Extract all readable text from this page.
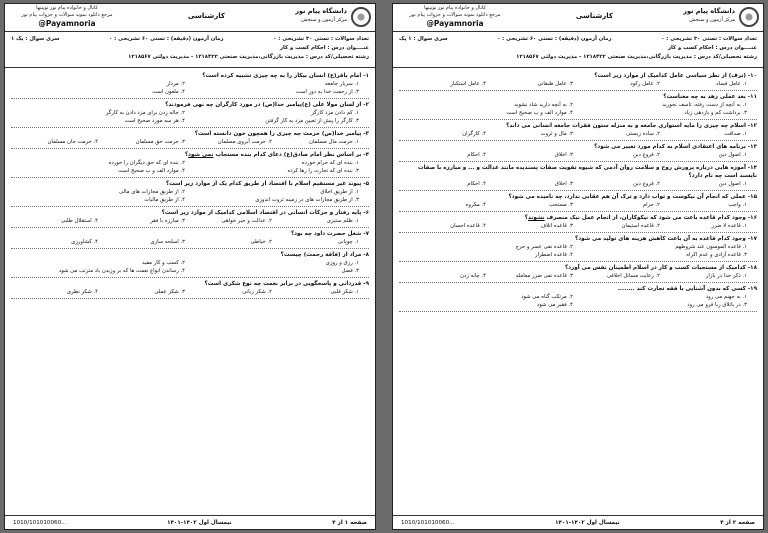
دانشگاه پیام نور
مرکز آزمون و سنجش
کارشناسی
کانال و خانواده پیام نور توییتها
مرجع دانلود نمونه سوالات و جزوات پیام نور
@Payamnoria
تعداد سوالات : تستی ۳۰ تشریحی : ۰
زمان آزمون (دقیقه) : تستی ۶۰ تشریحی : ۰
سری سوال : یک ۱
عنــــوان درس : احکام کسب و کار
رشته تحصیلی/کد درس : مدیریت بازرگانی،مدیریت صنعتی ۱۲۱۸۴۲۲ - مدیریت دولتی ۱۲۱۸۵۶۷
۱- امام باقر(ع) انسان بیکار را به چه چیزی تشبیه کرده است؟
۱. سربار جامعه
۲. مردار
۳. از رحمت خدا به دور است
۴. ملعون است
۲- از لسان مولا علی (ع)پیامبر خدا(ص) در مورد کارگران چه نهی فرمودند؟
۱. کم دادن مزد کارگر
۲. جاله زدن برای مزد دادن به کارگر
۳. کارگر را پیش از تعیین مزد به کار گرفتن
۴. هر سه مورد صحیح است
۳- پیامبر خدا(ص) حرمت چه چیزی را همچون خون دانسته است؟
۱. حرمت مال مسلمان
۲. حرمت آبروی مسلمان
۳. حرمت حق مسلمان
۴. حرمت جان مسلمان
۴- بر اساس نظر امام صادق(ع) دعای کدام بنده مستجاب نمی شود؟
۱. بنده ای که حرام خورده
۲. بنده ای که حق دیگران را خورده
۳. بنده ای که تجارت را رها کرده
۴. موارد الف و ب صحیح است
۵- پیوند غیر مستقیم اسلام با اقتصاد از طریق کدام یک از موارد زیر است؟
۱. از طریق اخلاق
۲. از طریق مجازات های مالی
۳. از طریق مجازات های در زمینه ثروت اندوزی
۴. از طریق مالیات
۶- پایه رفتار و حرکات انسانی در اقتصاد اسلامی کدامیک از موارد زیر است؟
۱. ظلم ستیزی
۲. عدالت و خیر خواهی
۳. مبارزه با فقر
۴. استقلال طلبی
۷- شغل حضرت داود چه بود؟
۱. چوپانی
۲. خیاطی
۳. اسلحه سازی
۴. کشاورزی
۸- مراد از (فاقة رحمت) چیست؟
۱. رزق و روزی
۲. کسب و کار مفید
۳. فضل
۴. رساندن انواع نعمت ها که بر وزیدن باد مترتب می شود
۹- قدردانی و پاسخگویی در برابر نعمت چه نوع شکری است؟
۱. شکر قلبی
۲. شکر زبانی
۳. شکر عملی
۴. شکر نظری
صفحه ۱ از ۴
نیمسال اول ۱۴۰۲-۱۴۰۱
1010/101010060...
دانشگاه پیام نور
مرکز آزمون و سنجش
کارشناسی
کانال و خانواده پیام نور توییتها
مرجع دانلود نمونه سوالات و جزوات پیام نور
@Payamnoria
تعداد سوالات : تستی ۳۰ تشریحی : ۰
زمان آزمون (دقیقه) : تستی ۶۰ تشریحی : ۰
سری سوال : ۱ یک
عنــــوان درس : احکام کسب و کار
رشته تحصیلی/کد درس : مدیریت بازرگانی،مدیریت صنعتی ۱۲۱۸۴۲۲ - مدیریت دولتی ۱۲۱۸۵۶۷
۱۰- (ترف) از نظر سیاسی عامل کدامیک از موارد زیر است؟
۱. عامل فساد
۲. عامل رکود
۳. عامل طبقاتی
۴. عامل استکبار
۱۱- بعد عملی زهد به چه معناست؟
۱. به آنچه از دست رفته، تاسف نخورید
۲. به آنچه دارید شاد نشوید
۳. برداشت کم و بازدهی زیاد
۴. موارد الف و ب صحیح است
۱۲- اسلام چه چیزی را مایه استواری جامعه و به منزله ستون فقرات جامعه انسانی می داند؟
۱. صداقت
۲. ساده زیستی
۳. مال و ثروت
۴. کارگران
۱۳- برنامه های اعتقادی اسلام به کدام مورد تعبیر می شود؟
۱. اصول دین
۲. فروع دین
۳. اخلاق
۴. احکام
۱۴- آموزه هایی درباره پرورش روح و سلامت روان آدمی که شیوه تقویت صفات پسندیده مانند عدالت و ... و مبارزه با صفات ناپسند است چه نام دارد؟
۱. اصول دین
۲. فروع دین
۳. اخلاق
۴. احکام
۱۵- عملی که انجام آن نیکوست و ثواب دارد و ترک آن هم عقابی ندارد، چه نامیده می شود؟
۱. واجب
۲. حرام
۳. مستحب
۴. مکروه
۱۶- وجود کدام قاعده باعث می شود که نیکوکاران، از انجام عمل نیک منصرف نشوند؟
۱. قاعده لا ضرر
۲. قاعده استیمان
۳. قاعده اتلاف
۴. قاعده احسان
۱۷- وجود کدام قاعده به آن باعث کاهش هزینه های تولید می شود؟
۱. قاعده المومنون عند شروطهم
۲. قاعده نفی عسر و حرج
۳. قاعده آزادی و عدم اکراه
۴. قاعده اضطرار
۱۸- کدامیک از مستحبات کسب و کار در اسلام اطمینان نفس می آورد؟
۱. ذکر خدا در بازار
۲. رعایت مسائل اخلاقی
۳. قاعده نفی ضرر معامله
۴. چانه زدن
۱۹- کسی که بدون آشنایی با فقه تجارت کند ........
۱. به جهنم می رود
۲. مرتکب گناه می شود
۳. در باتلاق ربا فرو می رود
۴. فقیر می شود
صفحه ۲ از ۴
نیمسال اول ۱۴۰۲-۱۴۰۱
1010/101010060...
